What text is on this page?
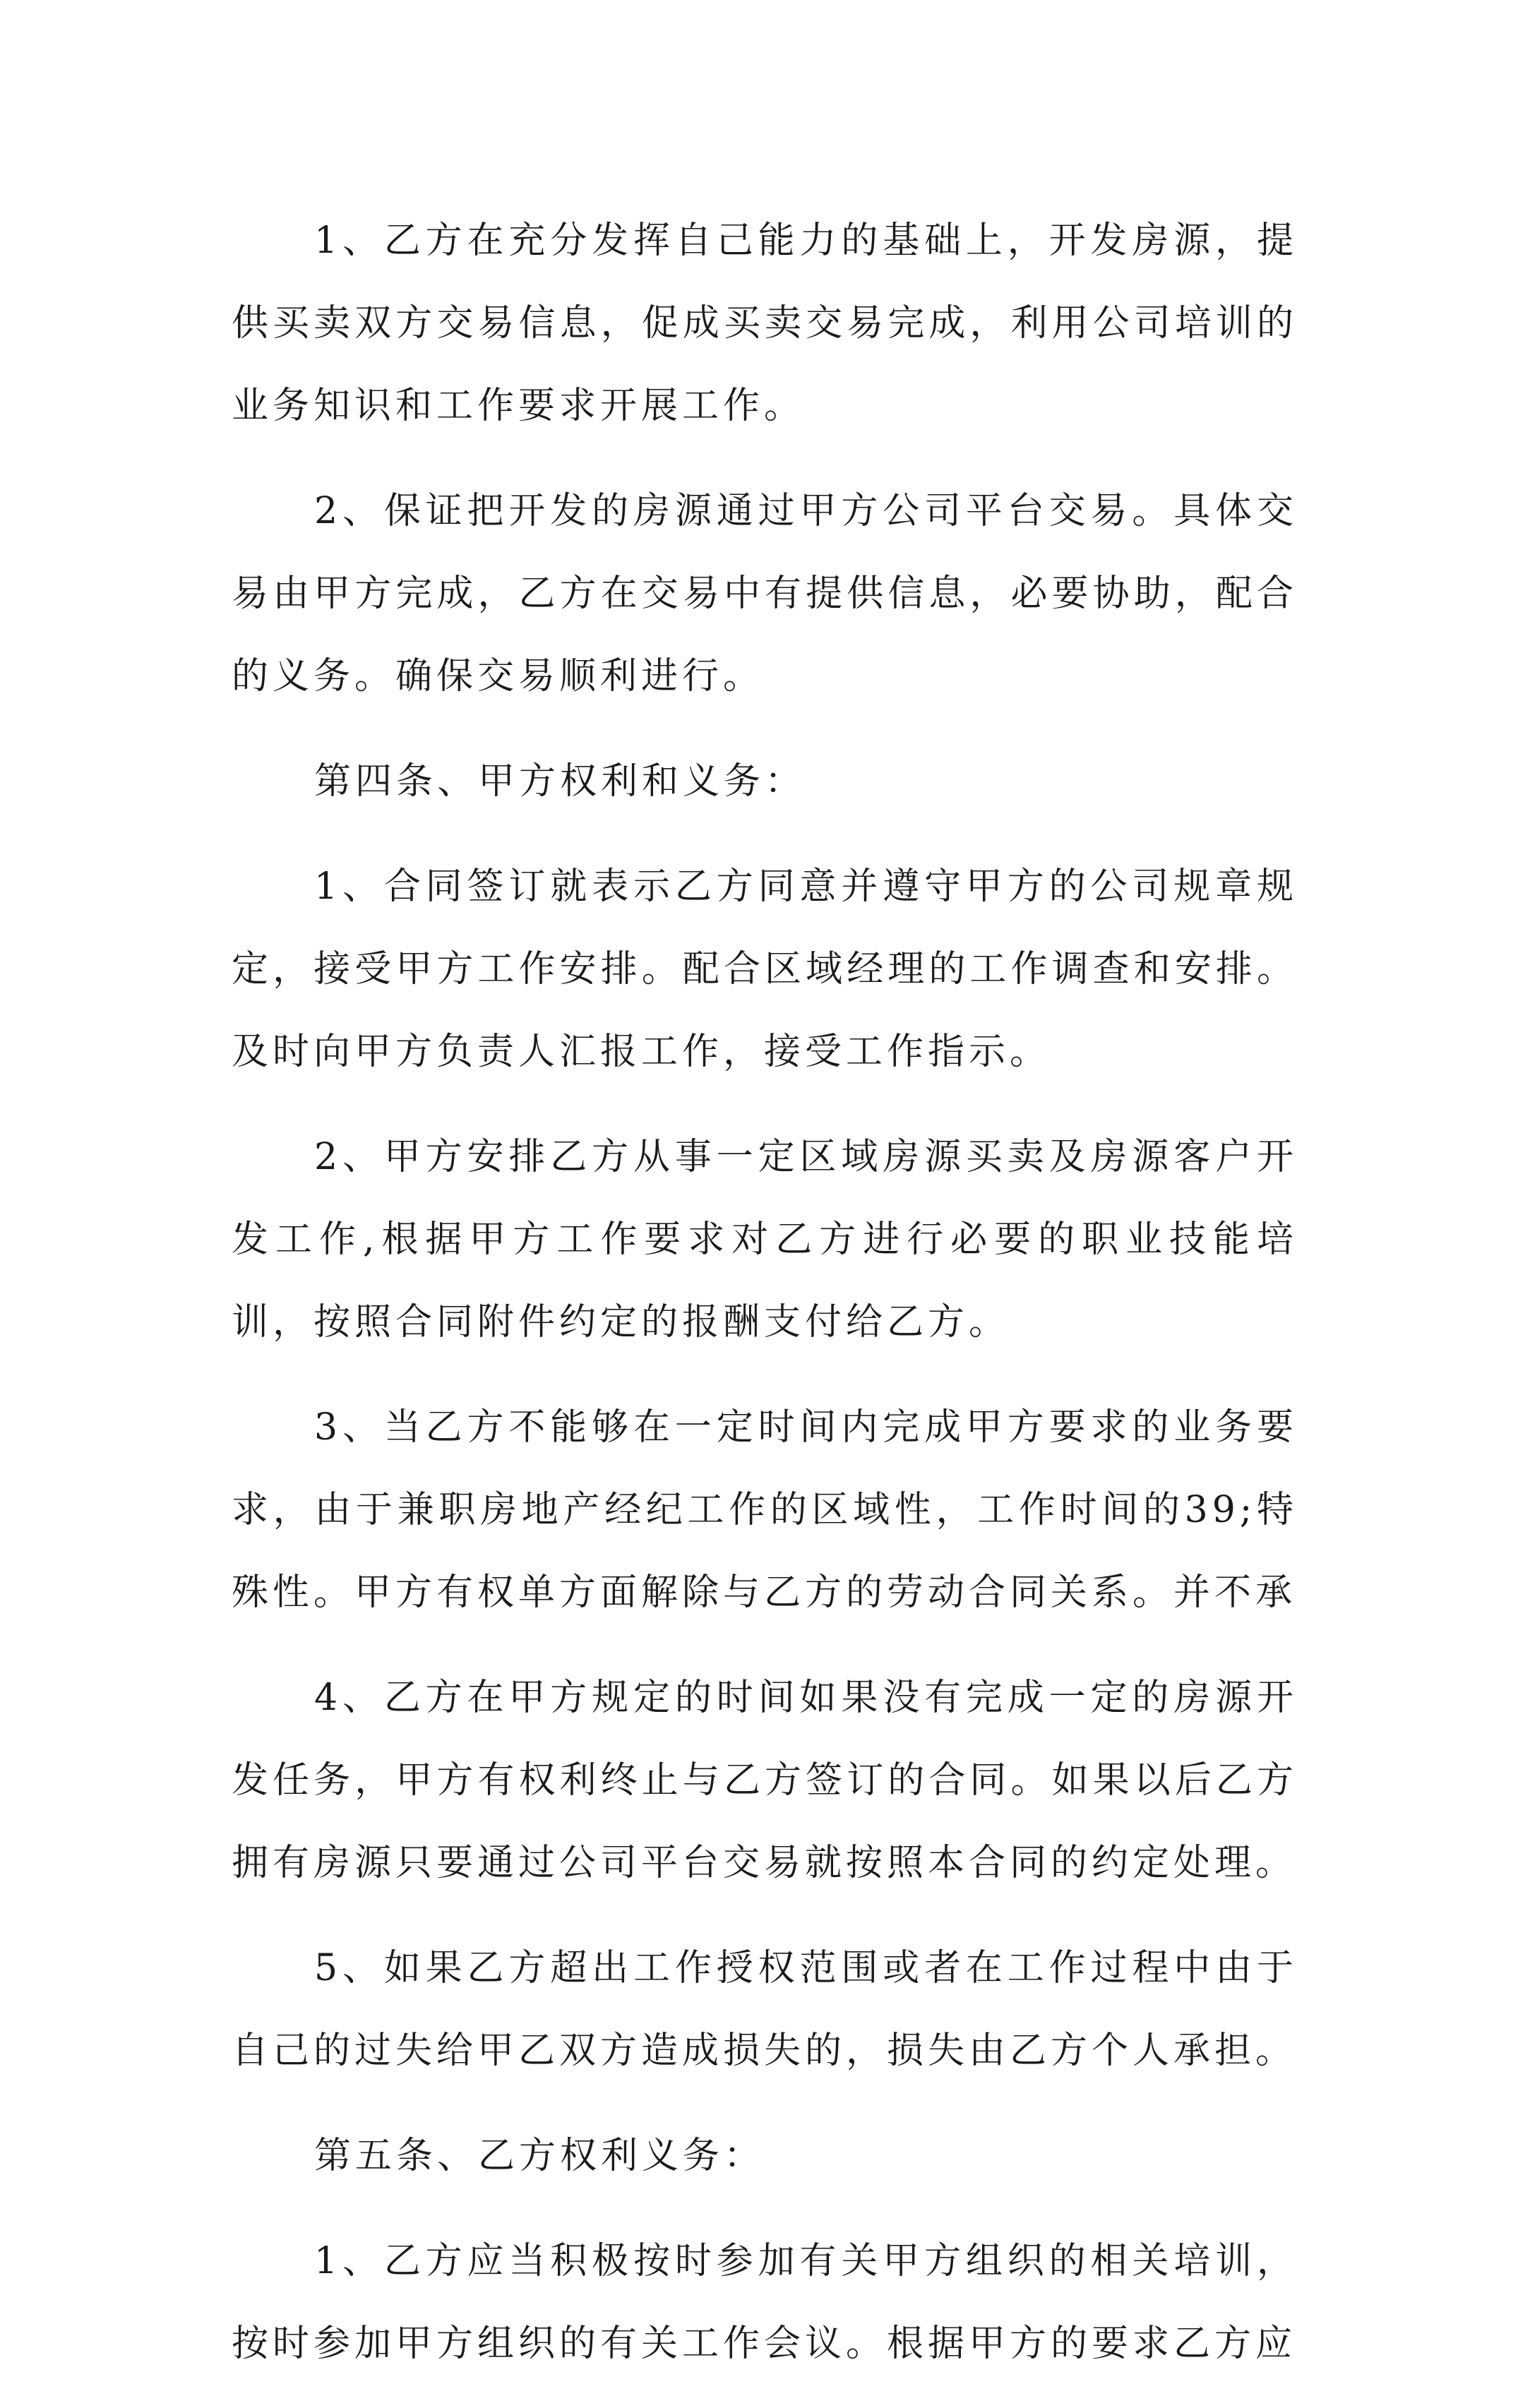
1、乙方在充分发挥自己能力的基础上，开发房源，提供买卖双方交易信息，促成买卖交易完成，利用公司培训的业务知识和工作要求开展工作。

2、保证把开发的房源通过甲方公司平台交易。具体交易由甲方完成，乙方在交易中有提供信息，必要协助，配合的义务。确保交易顺利进行。

第四条、甲方权利和义务：

1、合同签订就表示乙方同意并遵守甲方的公司规章规定，接受甲方工作安排。配合区域经理的工作调查和安排。及时向甲方负责人汇报工作，接受工作指示。

2、甲方安排乙方从事一定区域房源买卖及房源客户开发工作,根据甲方工作要求对乙方进行必要的职业技能培训，按照合同附件约定的报酬支付给乙方。

3、当乙方不能够在一定时间内完成甲方要求的业务要求，由于兼职房地产经纪工作的区域性，工作时间的39;特殊性。甲方有权单方面解除与乙方的劳动合同关系。并不承

4、乙方在甲方规定的时间如果没有完成一定的房源开发任务，甲方有权利终止与乙方签订的合同。如果以后乙方拥有房源只要通过公司平台交易就按照本合同的约定处理。

5、如果乙方超出工作授权范围或者在工作过程中由于自己的过失给甲乙双方造成损失的，损失由乙方个人承担。

第五条、乙方权利义务：

1、乙方应当积极按时参加有关甲方组织的相关培训，按时参加甲方组织的有关工作会议。根据甲方的要求乙方应
